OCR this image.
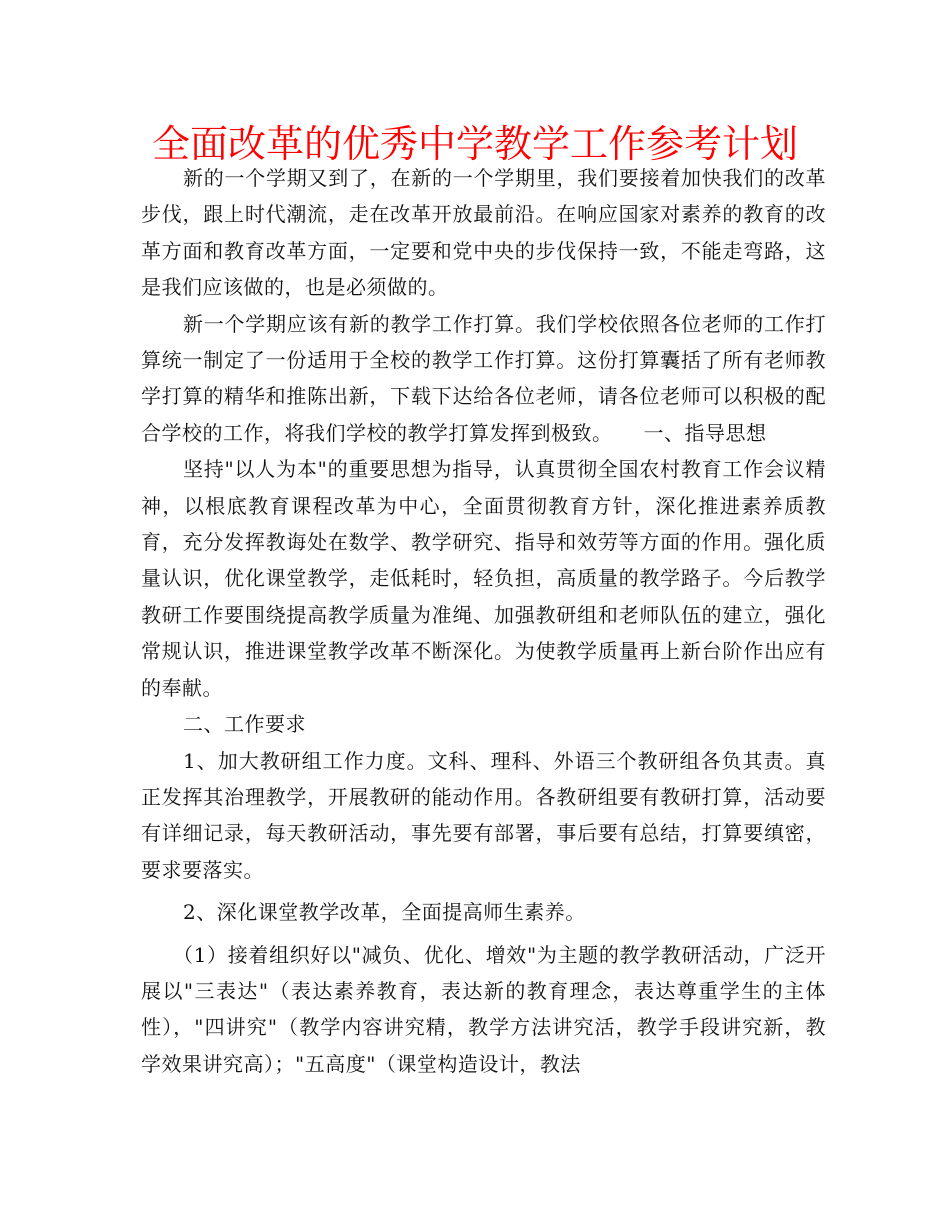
全面改革的优秀中学教学工作参考计划

新的一个学期又到了，在新的一个学期里，我们要接着加快我们的改革步伐，跟上时代潮流，走在改革开放最前沿。在响应国家对素养的教育的改革方面和教育改革方面，一定要和党中央的步伐保持一致，不能走弯路，这是我们应该做的，也是必须做的。

新一个学期应该有新的教学工作打算。我们学校依照各位老师的工作打算统一制定了一份适用于全校的教学工作打算。这份打算囊括了所有老师教学打算的精华和推陈出新，下载下达给各位老师，请各位老师可以积极的配合学校的工作，将我们学校的教学打算发挥到极致。　　一、指导思想

坚持"以人为本"的重要思想为指导，认真贯彻全国农村教育工作会议精神，以根底教育课程改革为中心，全面贯彻教育方针，深化推进素养质教育，充分发挥教诲处在数学、教学研究、指导和效劳等方面的作用。强化质量认识，优化课堂教学，走低耗时，轻负担，高质量的教学路子。今后教学教研工作要围绕提高教学质量为准绳、加强教研组和老师队伍的建立，强化常规认识，推进课堂教学改革不断深化。为使教学质量再上新台阶作出应有的奉献。

二、工作要求

1、加大教研组工作力度。文科、理科、外语三个教研组各负其责。真正发挥其治理教学，开展教研的能动作用。各教研组要有教研打算，活动要有详细记录，每天教研活动，事先要有部署，事后要有总结，打算要缜密，要求要落实。

2、深化课堂教学改革，全面提高师生素养。

（1）接着组织好以"减负、优化、增效"为主题的教学教研活动，广泛开展以"三表达"（表达素养教育，表达新的教育理念，表达尊重学生的主体性），"四讲究"（教学内容讲究精，教学方法讲究活，教学手段讲究新，教学效果讲究高）；"五高度"（课堂构造设计，教法
